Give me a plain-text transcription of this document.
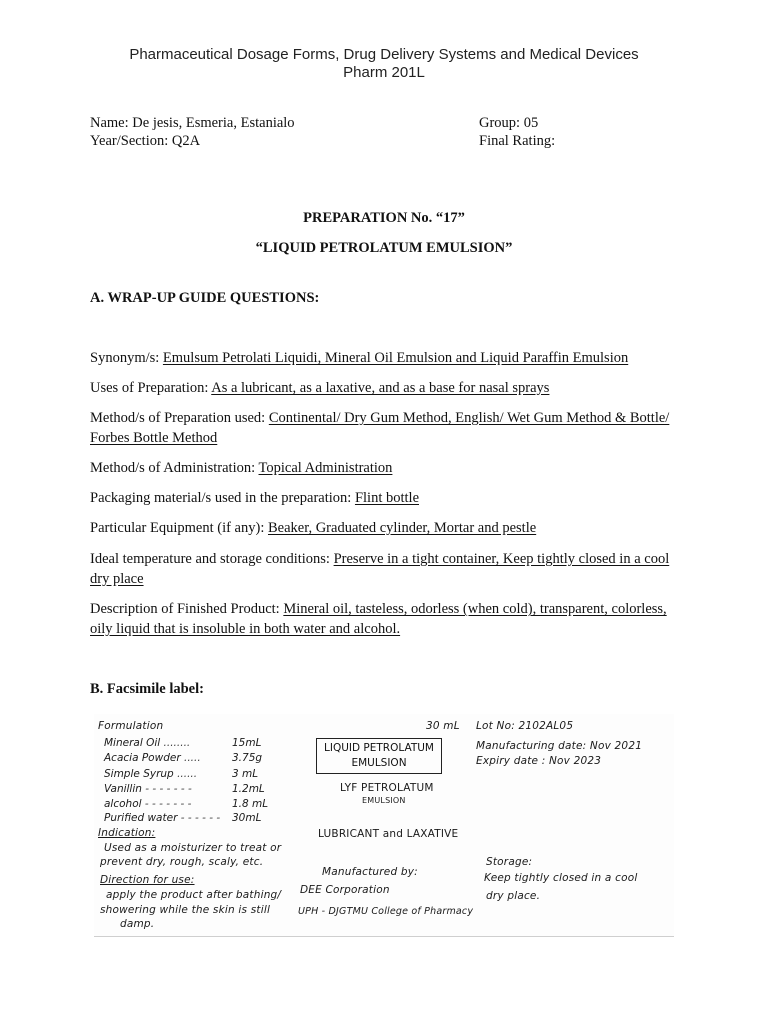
Pharmaceutical Dosage Forms, Drug Delivery Systems and Medical Devices
Pharm 201L
Name: De jesis, Esmeria, Estanialo
Year/Section: Q2A
Group: 05
Final Rating:
PREPARATION No. “17”
“LIQUID PETROLATUM EMULSION”
A. WRAP-UP GUIDE QUESTIONS:
Synonym/s: Emulsum Petrolati Liquidi, Mineral Oil Emulsion and Liquid Paraffin Emulsion
Uses of Preparation: As a lubricant, as a laxative, and as a base for nasal sprays
Method/s of Preparation used: Continental/ Dry Gum Method, English/ Wet Gum Method & Bottle/ Forbes Bottle Method
Method/s of Administration: Topical Administration
Packaging material/s used in the preparation: Flint bottle
Particular Equipment (if any): Beaker, Graduated cylinder, Mortar and pestle
Ideal temperature and storage conditions: Preserve in a tight container, Keep tightly closed in a cool dry place
Description of Finished Product: Mineral oil, tasteless, odorless (when cold), transparent, colorless, oily liquid that is insoluble in both water and alcohol.
B. Facsimile label:
Formulation
Mineral Oil ........	15mL
Acacia Powder .....	3.75g
Simple Syrup ......	3 mL
Vanillin - - - - - - -	1.2mL
alcohol - - - - - - -	1.8 mL
Purified water - - - - - - 30mL
Indication:
Used as a moisturizer to treat or
prevent dry, rough, scaly, etc.
Direction for use:
apply the product after bathing/
showering while the skin is still
damp.
30 mL
LIQUID PETROLATUM
EMULSION
LYF PETROLATUM
EMULSION
LUBRICANT and LAXATIVE
Manufactured by:
DEE Corporation
UPH - DJGTMU College of Pharmacy
Lot No: 2102AL05
Manufacturing date: Nov 2021
Expiry date : Nov 2023
Storage:
Keep tightly closed in a cool
dry place.
